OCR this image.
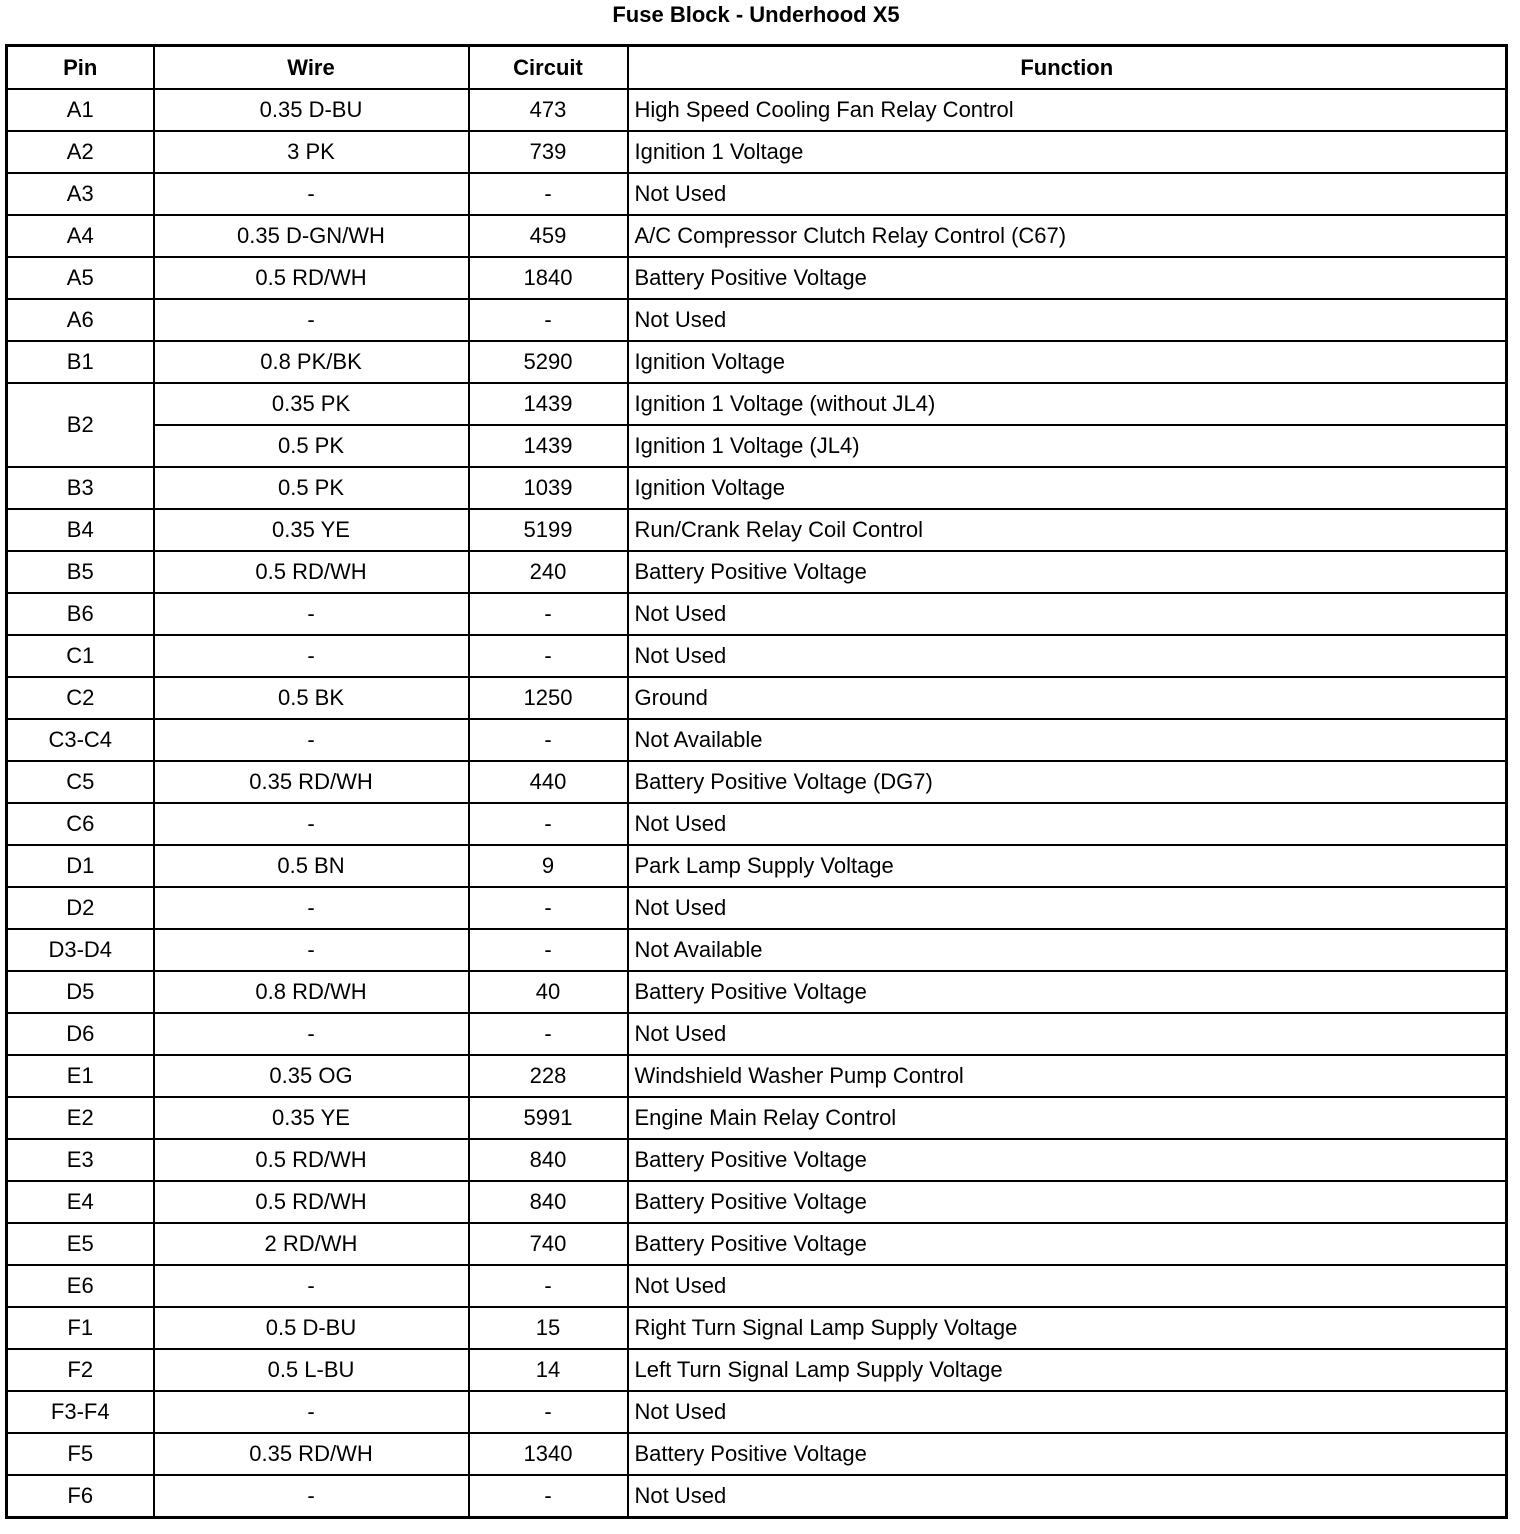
Fuse Block - Underhood X5
Pin	Wire	Circuit	Function
A1	0.35 D-BU	473	High Speed Cooling Fan Relay Control
A2	3 PK	739	Ignition 1 Voltage
A3	-	-	Not Used
A4	0.35 D-GN/WH	459	A/C Compressor Clutch Relay Control (C67)
A5	0.5 RD/WH	1840	Battery Positive Voltage
A6	-	-	Not Used
B1	0.8 PK/BK	5290	Ignition Voltage
B2	0.35 PK	1439	Ignition 1 Voltage (without JL4)
	0.5 PK	1439	Ignition 1 Voltage (JL4)
B3	0.5 PK	1039	Ignition Voltage
B4	0.35 YE	5199	Run/Crank Relay Coil Control
B5	0.5 RD/WH	240	Battery Positive Voltage
B6	-	-	Not Used
C1	-	-	Not Used
C2	0.5 BK	1250	Ground
C3-C4	-	-	Not Available
C5	0.35 RD/WH	440	Battery Positive Voltage (DG7)
C6	-	-	Not Used
D1	0.5 BN	9	Park Lamp Supply Voltage
D2	-	-	Not Used
D3-D4	-	-	Not Available
D5	0.8 RD/WH	40	Battery Positive Voltage
D6	-	-	Not Used
E1	0.35 OG	228	Windshield Washer Pump Control
E2	0.35 YE	5991	Engine Main Relay Control
E3	0.5 RD/WH	840	Battery Positive Voltage
E4	0.5 RD/WH	840	Battery Positive Voltage
E5	2 RD/WH	740	Battery Positive Voltage
E6	-	-	Not Used
F1	0.5 D-BU	15	Right Turn Signal Lamp Supply Voltage
F2	0.5 L-BU	14	Left Turn Signal Lamp Supply Voltage
F3-F4	-	-	Not Used
F5	0.35 RD/WH	1340	Battery Positive Voltage
F6	-	-	Not Used
